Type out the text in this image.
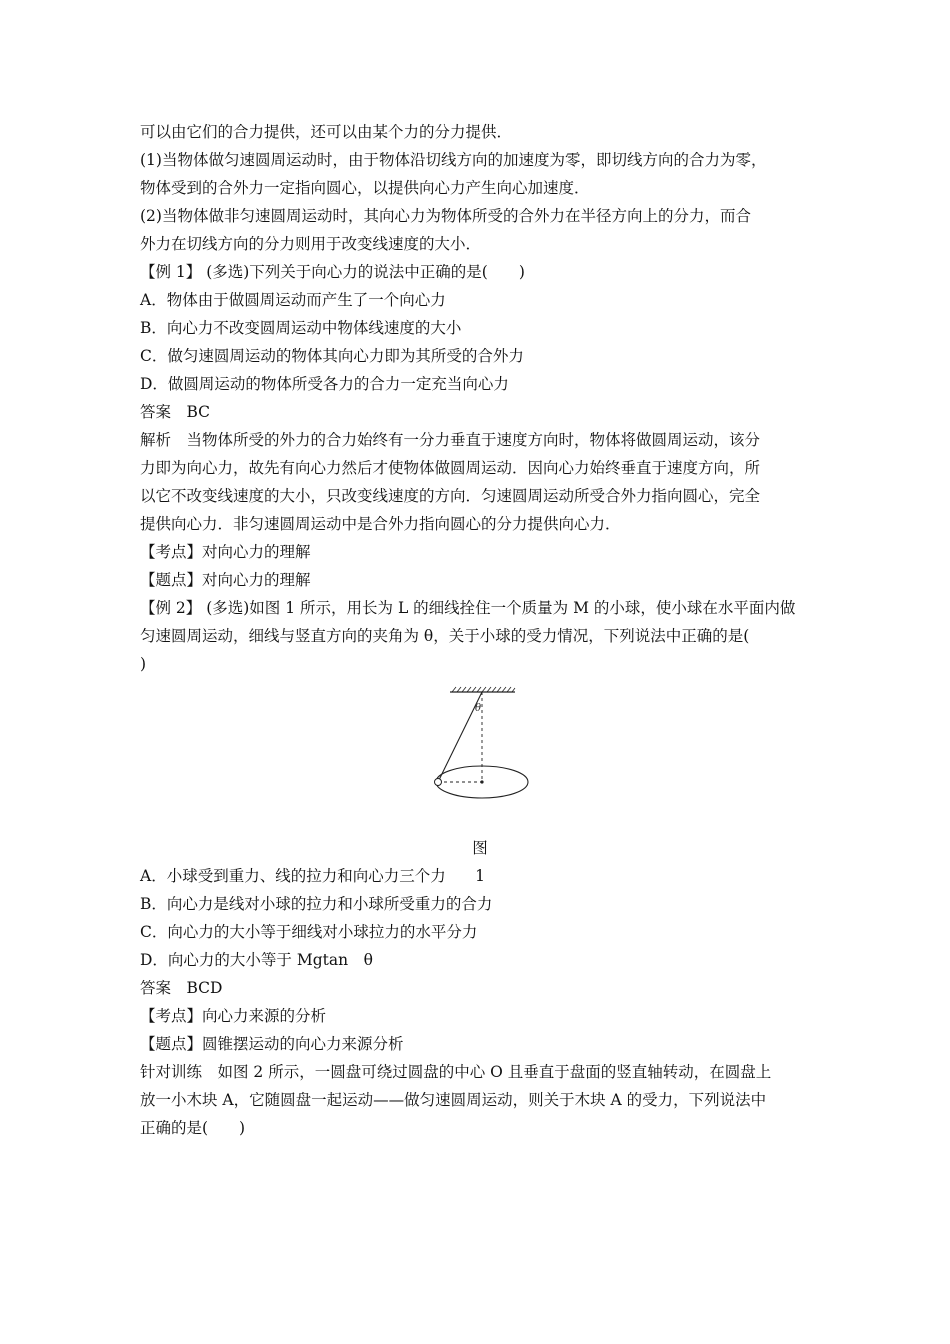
可以由它们的合力提供，还可以由某个力的分力提供．
(1)当物体做匀速圆周运动时，由于物体沿切线方向的加速度为零，即切线方向的合力为零，
物体受到的合外力一定指向圆心，以提供向心力产生向心加速度．
(2)当物体做非匀速圆周运动时，其向心力为物体所受的合外力在半径方向上的分力，而合
外力在切线方向的分力则用于改变线速度的大小．
【例 1】 (多选)下列关于向心力的说法中正确的是(　　)
A．物体由于做圆周运动而产生了一个向心力
B．向心力不改变圆周运动中物体线速度的大小
C．做匀速圆周运动的物体其向心力即为其所受的合外力
D．做圆周运动的物体所受各力的合力一定充当向心力
答案　BC
解析　当物体所受的外力的合力始终有一分力垂直于速度方向时，物体将做圆周运动，该分
力即为向心力，故先有向心力然后才使物体做圆周运动．因向心力始终垂直于速度方向，所
以它不改变线速度的大小，只改变线速度的方向．匀速圆周运动所受合外力指向圆心，完全
提供向心力．非匀速圆周运动中是合外力指向圆心的分力提供向心力．
【考点】对向心力的理解
【题点】对向心力的理解
【例 2】 (多选)如图 1 所示，用长为 L 的细线拴住一个质量为 M 的小球，使小球在水平面内做
匀速圆周运动，细线与竖直方向的夹角为 θ，关于小球的受力情况，下列说法中正确的是(
)
θ
图 1
A．小球受到重力、线的拉力和向心力三个力
B．向心力是线对小球的拉力和小球所受重力的合力
C．向心力的大小等于细线对小球拉力的水平分力
D．向心力的大小等于 Mgtan　θ
答案　BCD
【考点】向心力来源的分析
【题点】圆锥摆运动的向心力来源分析
针对训练　如图 2 所示，一圆盘可绕过圆盘的中心 O 且垂直于盘面的竖直轴转动，在圆盘上
放一小木块 A，它随圆盘一起运动——做匀速圆周运动，则关于木块 A 的受力，下列说法中
正确的是(　　)
